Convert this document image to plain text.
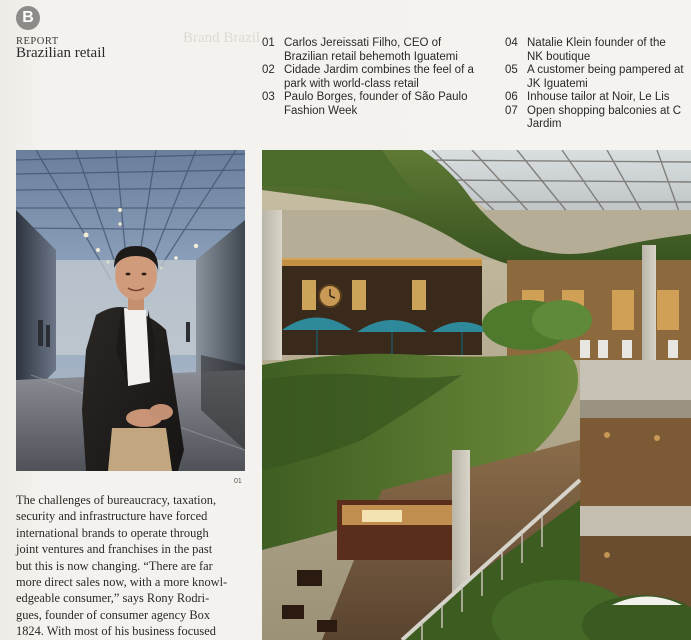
Brand Brazil
B
REPORT
Brazilian retail
01 Carlos Jereissati Filho, CEO of
Brazilian retail behemoth Iguatemi
02 Cidade Jardim combines the feel of a
park with world-class retail
03 Paulo Borges, founder of São Paulo
Fashion Week
04 Natalie Klein founder of the
NK boutique
05 A customer being pampered at
JK Iguatemi
06 Inhouse tailor at Noir, Le Lis
07 Open shopping balconies at C
Jardim
01
The challenges of bureaucracy, taxation,
security and infrastructure have forced
international brands to operate through
joint ventures and franchises in the past
but this is now changing. “There are far
more direct sales now, with a more knowl-
edgeable consumer,” says Rony Rodri-
gues, founder of consumer agency Box
1824. With most of his business focused
